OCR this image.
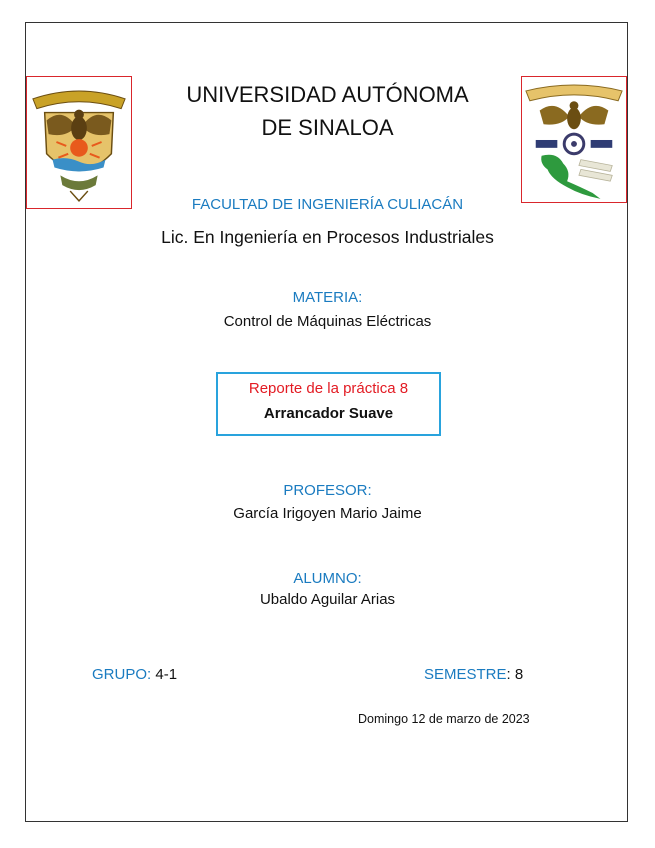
UNIVERSIDAD AUTÓNOMA
DE SINALOA
FACULTAD DE INGENIERÍA CULIACÁN
Lic. En Ingeniería en Procesos Industriales
MATERIA:
Control de Máquinas Eléctricas
Reporte de la práctica 8
Arrancador Suave
PROFESOR:
García Irigoyen Mario Jaime
ALUMNO:
Ubaldo Aguilar Arias
GRUPO: 4-1	SEMESTRE: 8
Domingo 12 de marzo de 2023
